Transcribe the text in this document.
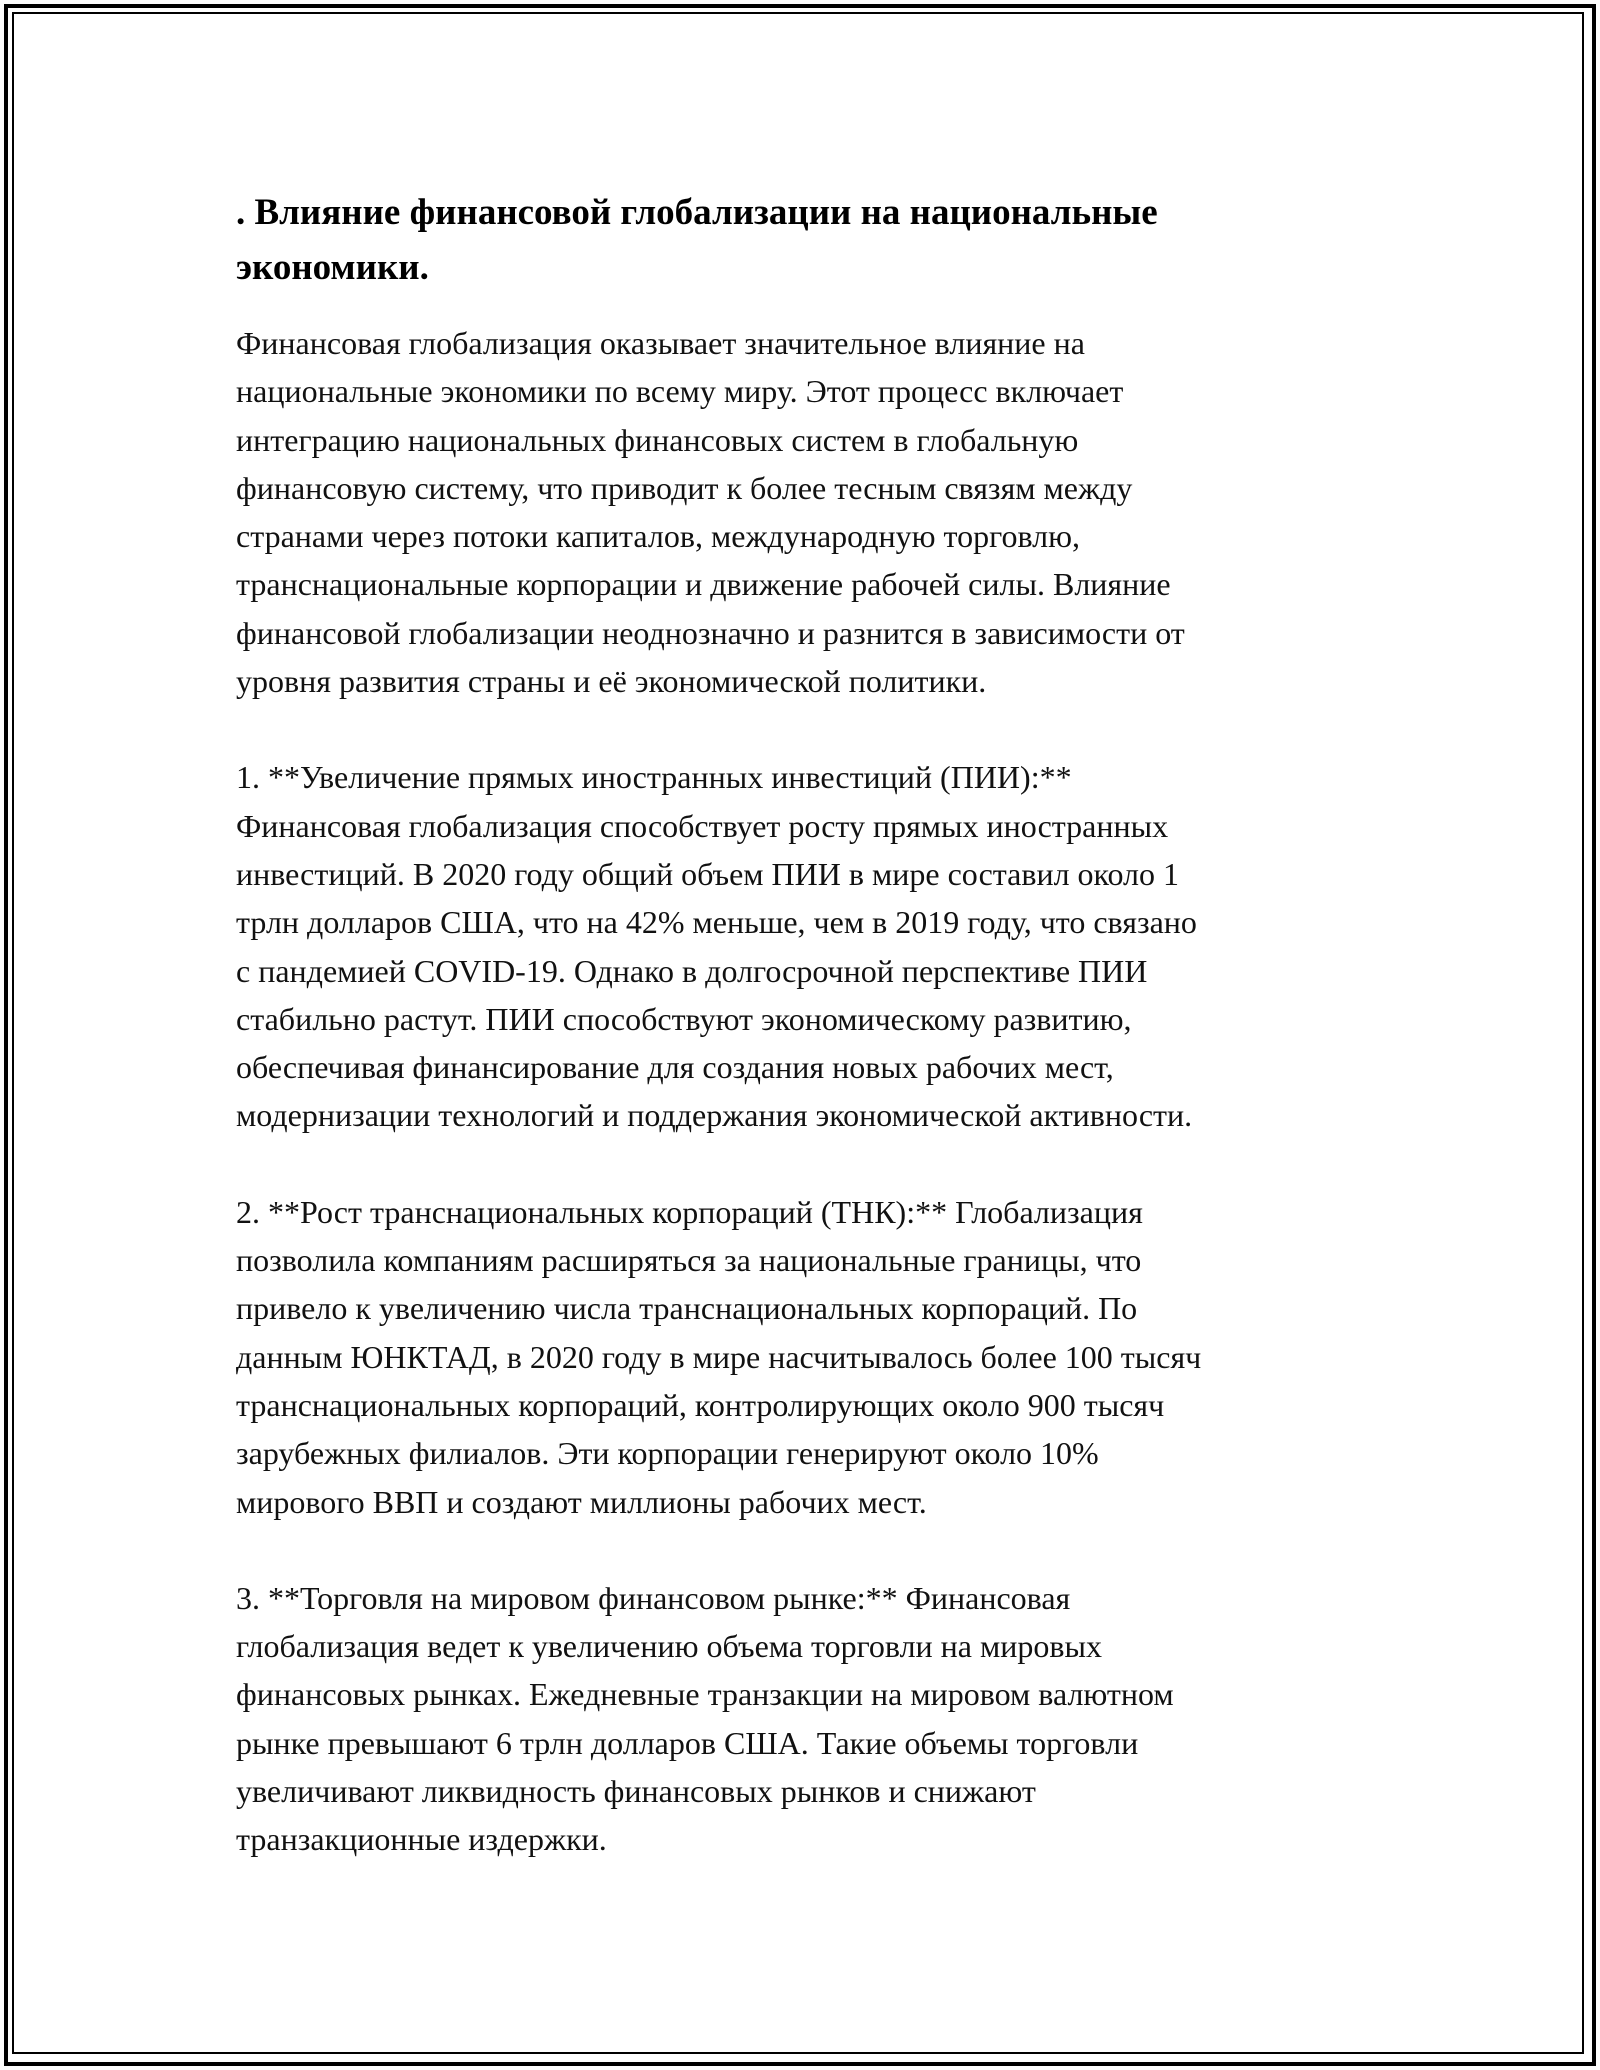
. Влияние финансовой глобализации на национальные
экономики.

Финансовая глобализация оказывает значительное влияние на
национальные экономики по всему миру. Этот процесс включает
интеграцию национальных финансовых систем в глобальную
финансовую систему, что приводит к более тесным связям между
странами через потоки капиталов, международную торговлю,
транснациональные корпорации и движение рабочей силы. Влияние
финансовой глобализации неоднозначно и разнится в зависимости от
уровня развития страны и её экономической политики.

1. **Увеличение прямых иностранных инвестиций (ПИИ):**
Финансовая глобализация способствует росту прямых иностранных
инвестиций. В 2020 году общий объем ПИИ в мире составил около 1
трлн долларов США, что на 42% меньше, чем в 2019 году, что связано
с пандемией COVID-19. Однако в долгосрочной перспективе ПИИ
стабильно растут. ПИИ способствуют экономическому развитию,
обеспечивая финансирование для создания новых рабочих мест,
модернизации технологий и поддержания экономической активности.

2. **Рост транснациональных корпораций (ТНК):** Глобализация
позволила компаниям расширяться за национальные границы, что
привело к увеличению числа транснациональных корпораций. По
данным ЮНКТАД, в 2020 году в мире насчитывалось более 100 тысяч
транснациональных корпораций, контролирующих около 900 тысяч
зарубежных филиалов. Эти корпорации генерируют около 10%
мирового ВВП и создают миллионы рабочих мест.

3. **Торговля на мировом финансовом рынке:** Финансовая
глобализация ведет к увеличению объема торговли на мировых
финансовых рынках. Ежедневные транзакции на мировом валютном
рынке превышают 6 трлн долларов США. Такие объемы торговли
увеличивают ликвидность финансовых рынков и снижают
транзакционные издержки.
